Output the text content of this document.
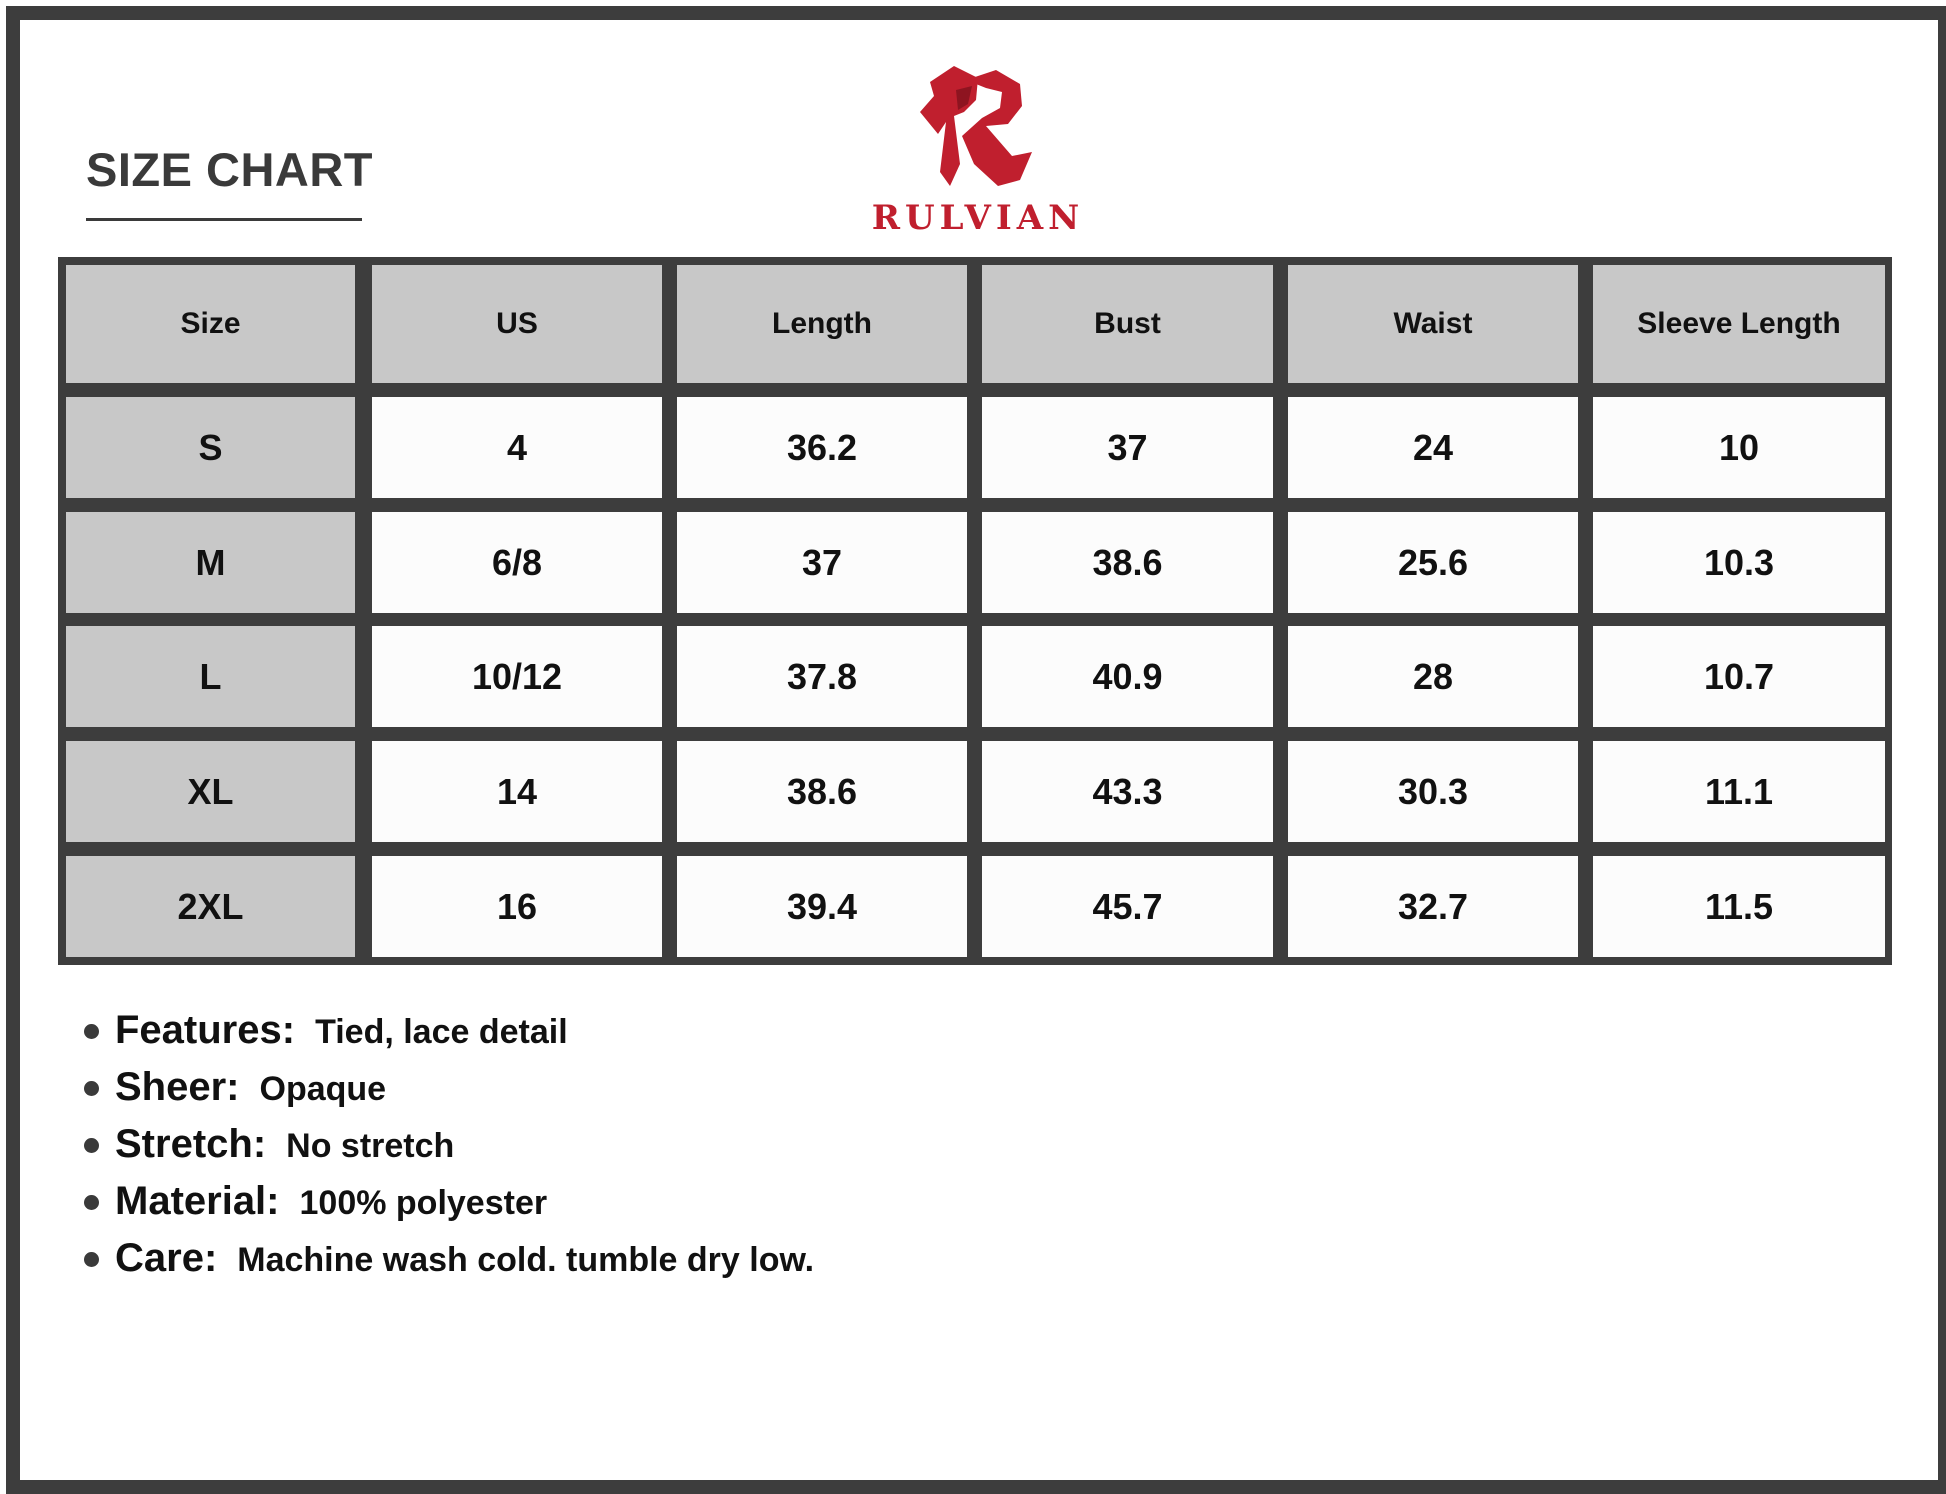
SIZE CHART
RULVIAN
Size	US	Length	Bust	Waist	Sleeve Length
S	4	36.2	37	24	10
M	6/8	37	38.6	25.6	10.3
L	10/12	37.8	40.9	28	10.7
XL	14	38.6	43.3	30.3	11.1
2XL	16	39.4	45.7	32.7	11.5
Features: Tied, lace detail
Sheer: Opaque
Stretch: No stretch
Material: 100% polyester
Care: Machine wash cold. tumble dry low.
